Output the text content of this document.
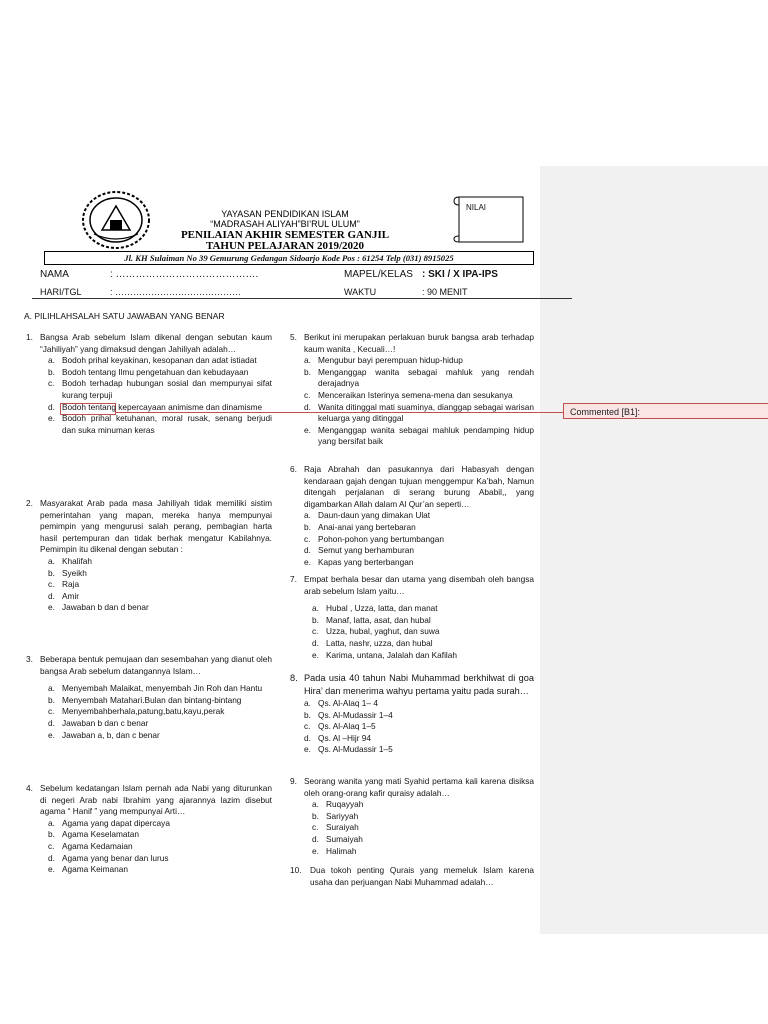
Commented [B1]:
YAYASAN PENDIDIKAN ISLAM
“MADRASAH ALIYAH”BI’RUL ULUM”
PENILAIAN AKHIR SEMESTER GANJIL
TAHUN PELAJARAN 2019/2020
NILAI
Jl. KH Sulaiman No 39 Gemurung Gedangan Sidoarjo Kode Pos : 61254 Telp (031) 8915025
NAMA	: …………………………………….	MAPEL/KELAS : SKI / X IPA-IPS
HARI/TGL	: ……………………………………	WAKTU	: 90 MENIT
A. PILIHLAHSALAH SATU JAWABAN YANG BENAR
1. Bangsa Arab sebelum Islam dikenal dengan sebutan kaum “Jahiliyah” yang dimaksud dengan Jahiliyah adalah…
a. Bodoh prihal keyakinan, kesopanan dan adat istiadat
b. Bodoh tentang Ilmu pengetahuan dan kebudayaan
c. Bodoh terhadap hubungan sosial dan mempunyai sifat kurang terpuji
d. Bodoh tentang kepercayaan animisme dan dinamisme
e. Bodoh prihal ketuhanan, moral rusak, senang berjudi dan suka minuman keras
2. Masyarakat Arab pada masa Jahiliyah tidak memiliki sistim pemerintahan yang mapan, mereka hanya mempunyai pemimpin yang mengurusi salah perang, pembagian harta hasil pertempuran dan tidak berhak mengatur Kabilahnya. Pemimpin itu dikenal dengan sebutan :
a. Khalifah
b. Syeikh
c. Raja
d. Amir
e. Jawaban b dan d benar
3. Beberapa bentuk pemujaan dan sesembahan yang dianut oleh bangsa Arab sebelum datangannya Islam…
a. Menyembah Malaikat, menyembah Jin Roh dan Hantu
b. Menyembah Matahari.Bulan dan bintang-bintang
c. Menyembahberhala,patung,batu,kayu,perak
d. Jawaban b dan c benar
e. Jawaban a, b, dan c benar
4. Sebelum kedatangan Islam pernah ada Nabi yang diturunkan di negeri Arab nabi Ibrahim yang ajarannya lazim disebut agama “ Hanif ” yang mempunyai Arti…
a. Agama yang dapat dipercaya
b. Agama Keselamatan
c. Agama Kedamaian
d. Agama yang benar dan lurus
e. Agama Keimanan
5. Berikut ini merupakan perlakuan buruk bangsa arab terhadap kaum wanita , Kecuali…!
a. Mengubur bayi perempuan hidup-hidup
b. Menganggap wanita sebagai mahluk yang rendah derajadnya
c. Menceraikan Isterinya semena-mena dan sesukanya
d. Wanita ditinggal mati suaminya, dianggap sebagai warisan keluarga yang ditinggal
e. Menganggap wanita sebagai mahluk pendamping hidup yang bersifat baik
6. Raja Abrahah dan pasukannya dari Habasyah dengan kendaraan gajah dengan tujuan menggempur Ka’bah, Namun ditengah perjalanan di serang burung Ababil,, yang digambarkan Allah dalam Al Qur’an seperti…
a. Daun-daun yang dimakan Ulat
b. Anai-anai yang bertebaran
c. Pohon-pohon yang bertumbangan
d. Semut yang berhamburan
e. Kapas yang berterbangan
7. Empat berhala besar dan utama yang disembah oleh bangsa arab sebelum Islam yaitu…
a. Hubal , Uzza, latta, dan manat
b. Manaf, latta, asat, dan hubal
c. Uzza, hubal, yaghut, dan suwa
d. Latta, nashr, uzza, dan hubal
e. Karima, untana, Jalalah dan Kafilah
8. Pada usia 40 tahun Nabi Muhammad berkhilwat di goa Hira’ dan menerima wahyu pertama yaitu pada surah…
a. Qs. Al-Alaq 1– 4
b. Qs. Al-Mudassir 1–4
c. Qs. Al-Alaq 1–5
d. Qs. Al –Hijr 94
e. Qs. Al-Mudassir 1–5
9. Seorang wanita yang mati Syahid pertama kali karena disiksa oleh orang-orang kafir quraisy adalah…
a. Ruqayyah
b. Sariyyah
c. Suraiyah
d. Sumaiyah
e. Halimah
10. Dua tokoh penting Qurais yang memeluk Islam karena usaha dan perjuangan Nabi Muhammad adalah…
